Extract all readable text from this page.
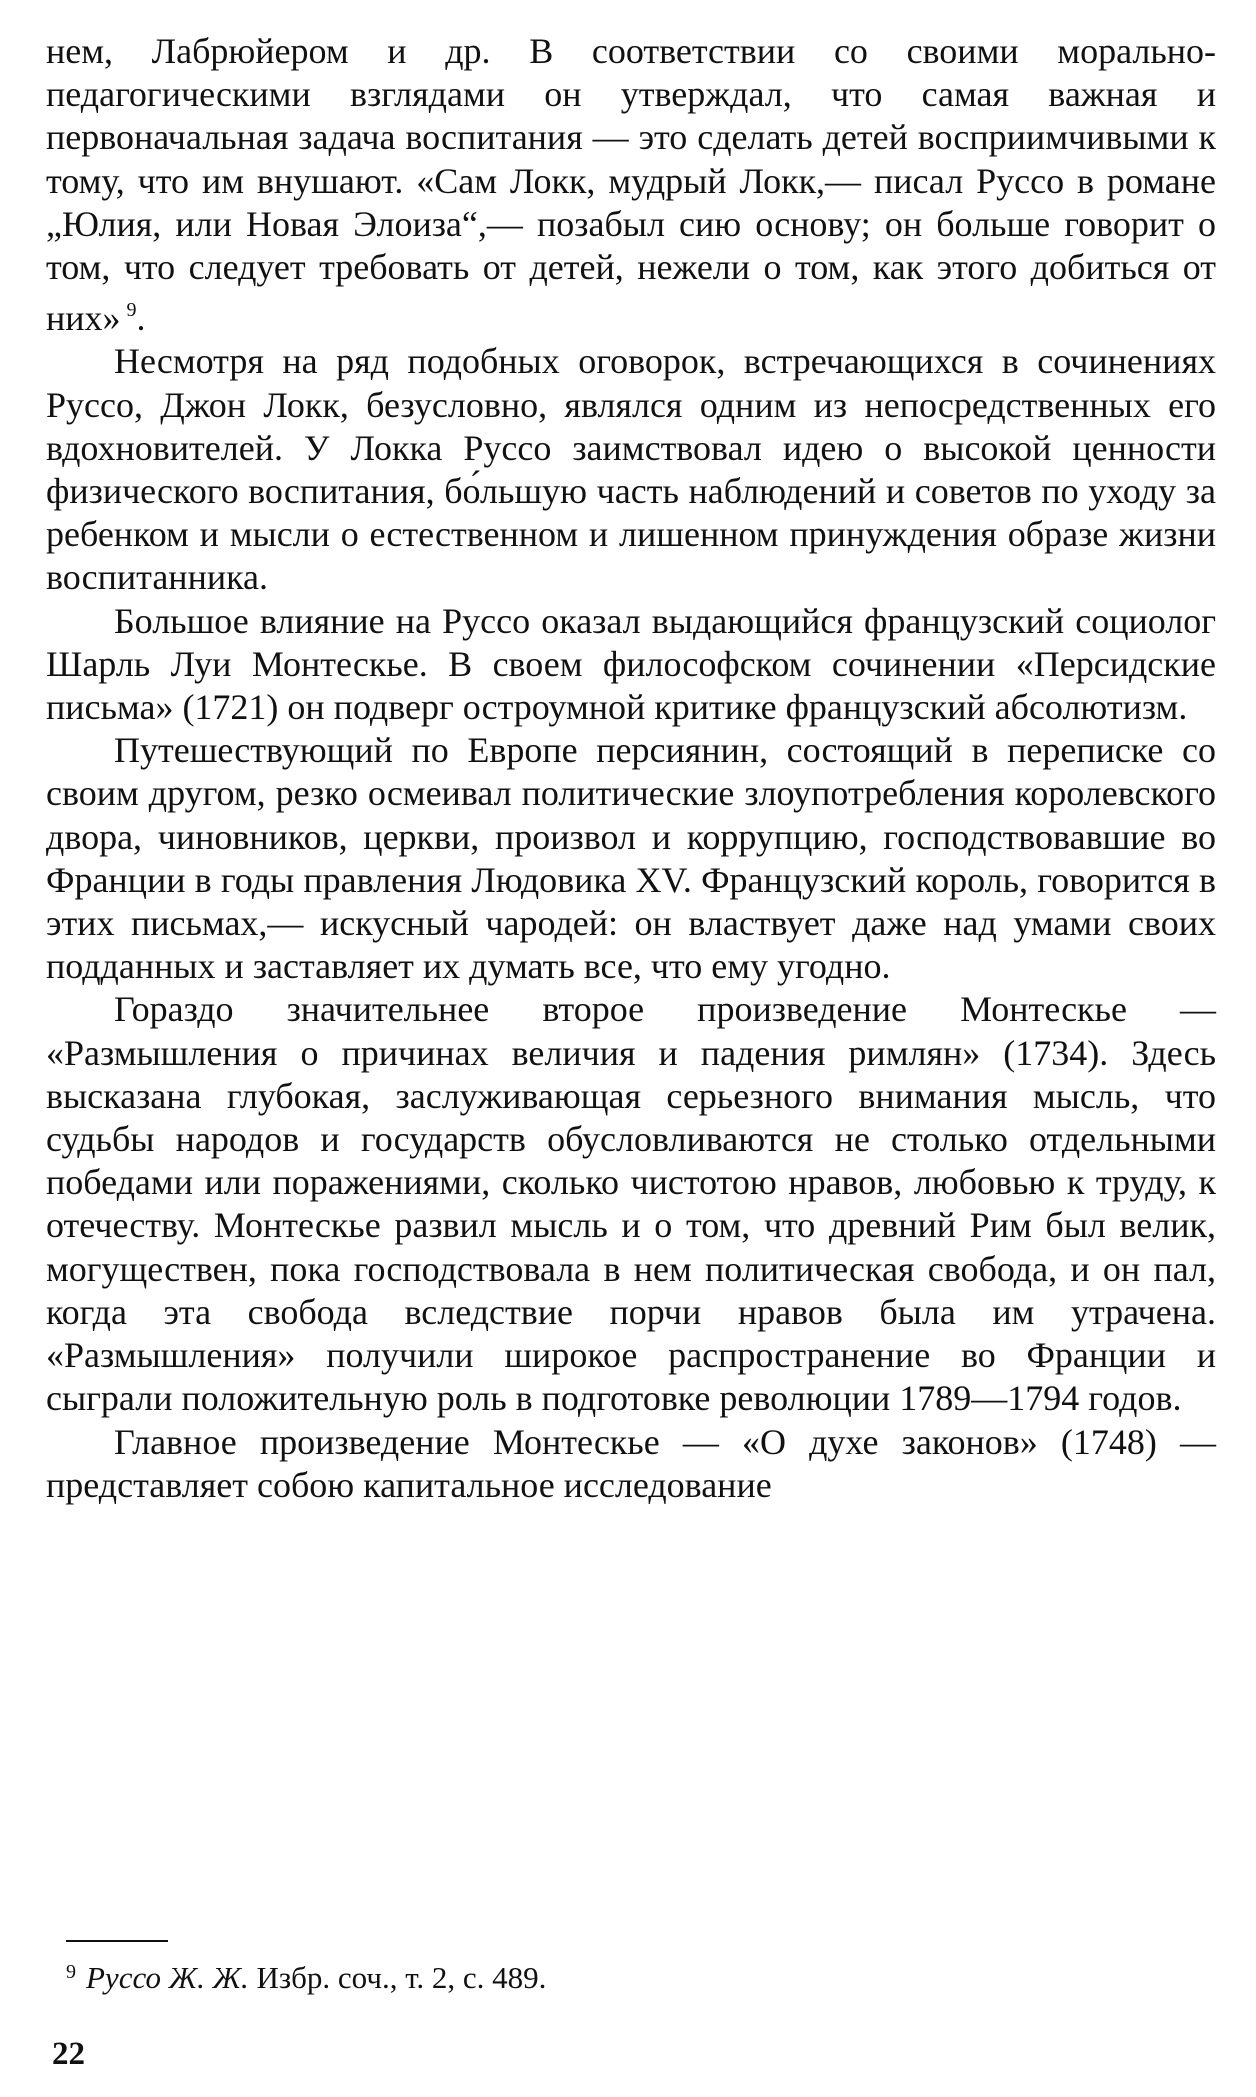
нем, Лабрюйером и др. В соответствии со своими морально-педагогическими взглядами он утверждал, что самая важная и первоначальная задача воспитания — это сделать детей восприимчивыми к тому, что им внушают. «Сам Локк, мудрый Локк,— писал Руссо в романе „Юлия, или Новая Элоиза“,— позабыл сию основу; он больше говорит о том, что следует требовать от детей, нежели о том, как этого добиться от них» $^9$.

Несмотря на ряд подобных оговорок, встречающихся в сочинениях Руссо, Джон Локк, безусловно, являлся одним из непосредственных его вдохновителей. У Локка Руссо заимствовал идею о высокой ценности физического воспитания, бо́льшую часть наблюдений и советов по уходу за ребенком и мысли о естественном и лишенном принуждения образе жизни воспитанника.

Большое влияние на Руссо оказал выдающийся французский социолог Шарль Луи Монтескье. В своем философском сочинении «Персидские письма» (1721) он подверг остроумной критике французский абсолютизм.

Путешествующий по Европе персиянин, состоящий в переписке со своим другом, резко осмеивал политические злоупотребления королевского двора, чиновников, церкви, произвол и коррупцию, господствовавшие во Франции в годы правления Людовика XV. Французский король, говорится в этих письмах,— искусный чародей: он властвует даже над умами своих подданных и заставляет их думать все, что ему угодно.

Гораздо значительнее второе произведение Монтескье — «Размышления о причинах величия и падения римлян» (1734). Здесь высказана глубокая, заслуживающая серьезного внимания мысль, что судьбы народов и государств обусловливаются не столько отдельными победами или поражениями, сколько чистотою нравов, любовью к труду, к отечеству. Монтескье развил мысль и о том, что древний Рим был велик, могуществен, пока господствовала в нем политическая свобода, и он пал, когда эта свобода вследствие порчи нравов была им утрачена. «Размышления» получили широкое распространение во Франции и сыграли положительную роль в подготовке революции 1789—1794 годов.

Главное произведение Монтескье — «О духе законов» (1748) — представляет собою капитальное исследование

$^9$ Руссо Ж. Ж. Избр. соч., т. 2, с. 489.
22
